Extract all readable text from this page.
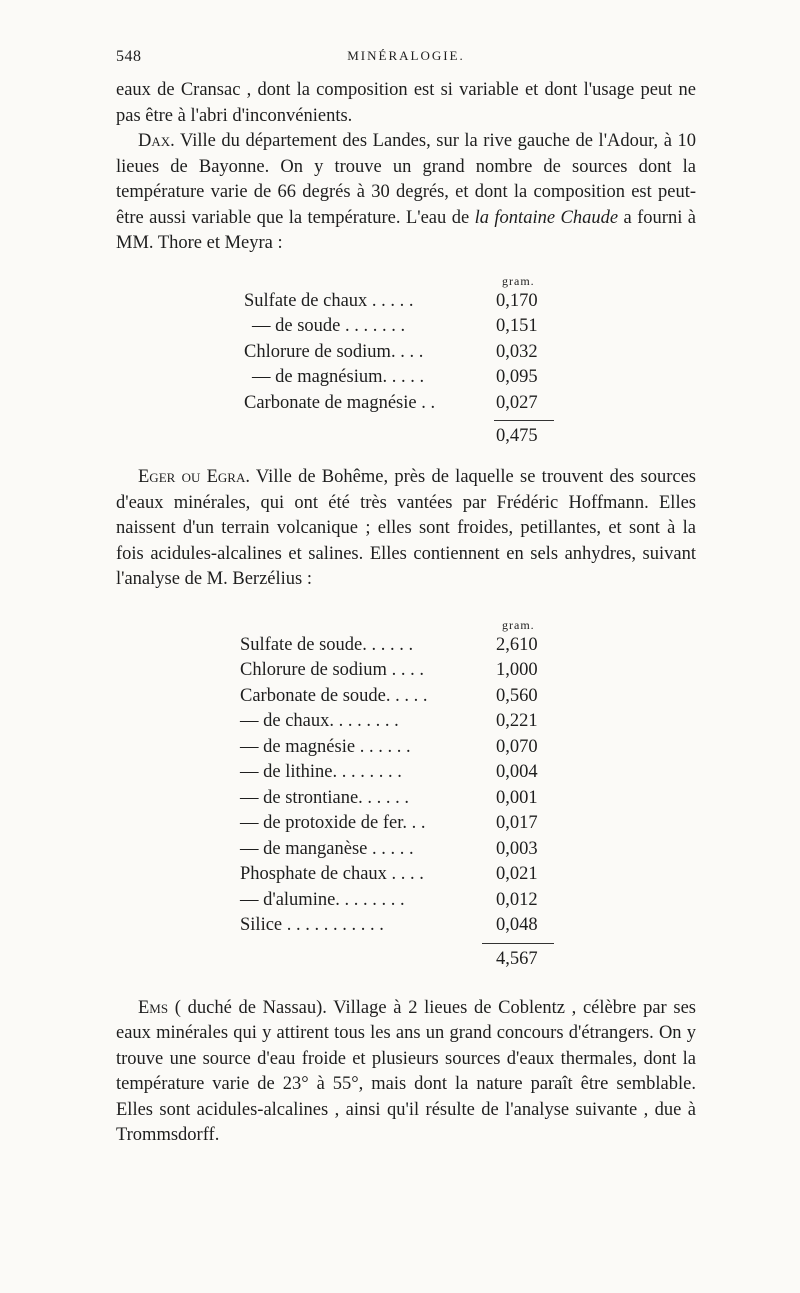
548	MINÉRALOGIE.

eaux de Cransac , dont la composition est si variable et dont l'usage peut ne pas être à l'abri d'inconvénients.

Dax. Ville du département des Landes, sur la rive gauche de l'Adour, à 10 lieues de Bayonne. On y trouve un grand nombre de sources dont la température varie de 66 degrés à 30 degrés, et dont la composition est peut-être aussi variable que la température. L'eau de la fontaine Chaude a fourni à MM. Thore et Meyra :

gram.
Sulfate de chaux . . . . .	0,170
— de soude . . . . . . .	0,151
Chlorure de sodium. . . .	0,032
— de magnésium. . . . .	0,095
Carbonate de magnésie . .	0,027
0,475

Eger ou Egra. Ville de Bohême, près de laquelle se trouvent des sources d'eaux minérales, qui ont été très vantées par Frédéric Hoffmann. Elles naissent d'un terrain volcanique ; elles sont froides, petillantes, et sont à la fois acidules-alcalines et salines. Elles contiennent en sels anhydres, suivant l'analyse de M. Berzélius :

gram.
Sulfate de soude. . . . . .	2,610
Chlorure de sodium . . . .	1,000
Carbonate de soude. . . . .	0,560
— de chaux. . . . . . . .	0,221
— de magnésie . . . . . .	0,070
— de lithine. . . . . . . .	0,004
— de strontiane. . . . . .	0,001
— de protoxide de fer. . .	0,017
— de manganèse . . . . .	0,003
Phosphate de chaux . . . .	0,021
— d'alumine. . . . . . . .	0,012
Silice . . . . . . . . . . .	0,048
4,567

Ems ( duché de Nassau). Village à 2 lieues de Coblentz , célèbre par ses eaux minérales qui y attirent tous les ans un grand concours d'étrangers. On y trouve une source d'eau froide et plusieurs sources d'eaux thermales, dont la température varie de 23° à 55°, mais dont la nature paraît être semblable. Elles sont acidules-alcalines , ainsi qu'il résulte de l'analyse suivante , due à Trommsdorff.
